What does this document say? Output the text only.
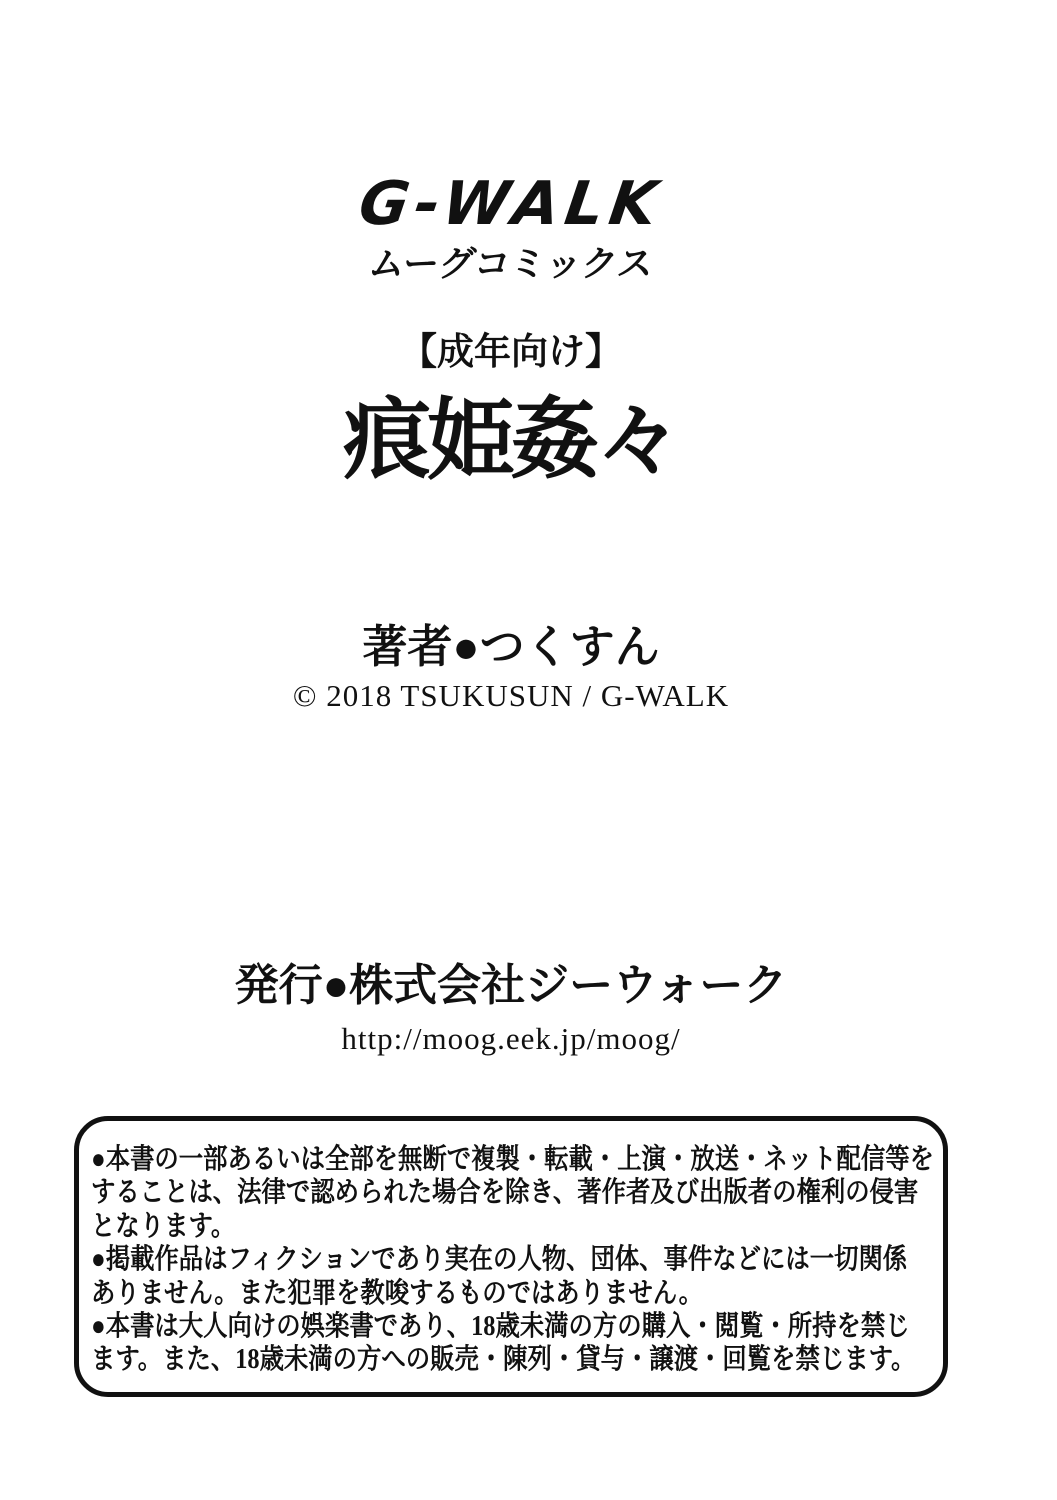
G-WALK
ムーグコミックス
【成年向け】
痕姫姦々
著者●つくすん
© 2018 TSUKUSUN / G-WALK
発行●株式会社ジーウォーク
http://moog.eek.jp/moog/
●本書の一部あるいは全部を無断で複製・転載・上演・放送・ネット配信等を
することは、法律で認められた場合を除き、著作者及び出版者の権利の侵害
となります。
●掲載作品はフィクションであり実在の人物、団体、事件などには一切関係
ありません。また犯罪を教唆するものではありません。
●本書は大人向けの娯楽書であり、18歳未満の方の購入・閲覧・所持を禁じ
ます。また、18歳未満の方への販売・陳列・貸与・譲渡・回覧を禁じます。
